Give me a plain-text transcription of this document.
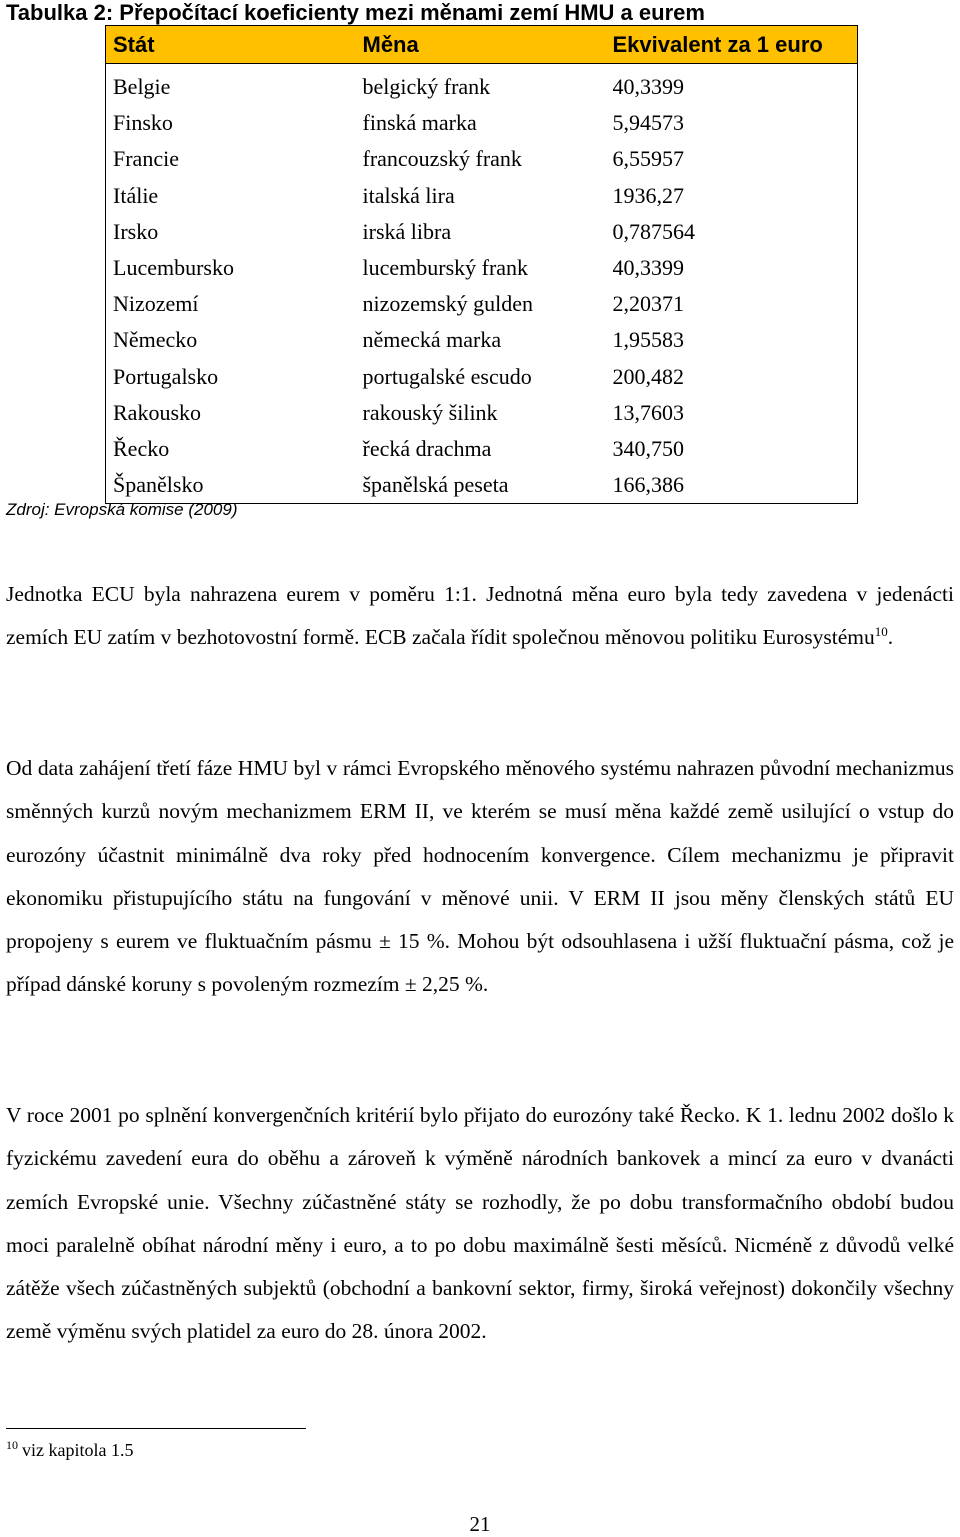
Tabulka 2: Přepočítací koeficienty mezi měnami zemí HMU a eurem
Stát	Měna	Ekvivalent za 1 euro
Belgie	belgický frank	40,3399
Finsko	finská marka	5,94573
Francie	francouzský frank	6,55957
Itálie	italská lira	1936,27
Irsko	irská libra	0,787564
Lucembursko	lucemburský frank	40,3399
Nizozemí	nizozemský gulden	2,20371
Německo	německá marka	1,95583
Portugalsko	portugalské escudo	200,482
Rakousko	rakouský šilink	13,7603
Řecko	řecká drachma	340,750
Španělsko	španělská peseta	166,386
Zdroj: Evropská komise (2009)

Jednotka ECU byla nahrazena eurem v poměru 1:1. Jednotná měna euro byla tedy zavedena v jedenácti zemích EU zatím v bezhotovostní formě. ECB začala řídit společnou měnovou politiku Eurosystému$^{10}$.

Od data zahájení třetí fáze HMU byl v rámci Evropského měnového systému nahrazen původní mechanizmus směnných kurzů novým mechanizmem ERM II, ve kterém se musí měna každé země usilující o vstup do eurozóny účastnit minimálně dva roky před hodnocením konvergence. Cílem mechanizmu je připravit ekonomiku přistupujícího státu na fungování v měnové unii. V ERM II jsou měny členských států EU propojeny s eurem ve fluktuačním pásmu ± 15 %. Mohou být odsouhlasena i užší fluktuační pásma, což je případ dánské koruny s povoleným rozmezím ± 2,25 %.

V roce 2001 po splnění konvergenčních kritérií bylo přijato do eurozóny také Řecko. K 1. lednu 2002 došlo k fyzickému zavedení eura do oběhu a zároveň k výměně národních bankovek a mincí za euro v dvanácti zemích Evropské unie. Všechny zúčastněné státy se rozhodly, že po dobu transformačního období budou moci paralelně obíhat národní měny i euro, a to po dobu maximálně šesti měsíců. Nicméně z důvodů velké zátěže všech zúčastněných subjektů (obchodní a bankovní sektor, firmy, široká veřejnost) dokončily všechny země výměnu svých platidel za euro do 28. února 2002.

$^{10}$ viz kapitola 1.5
21
